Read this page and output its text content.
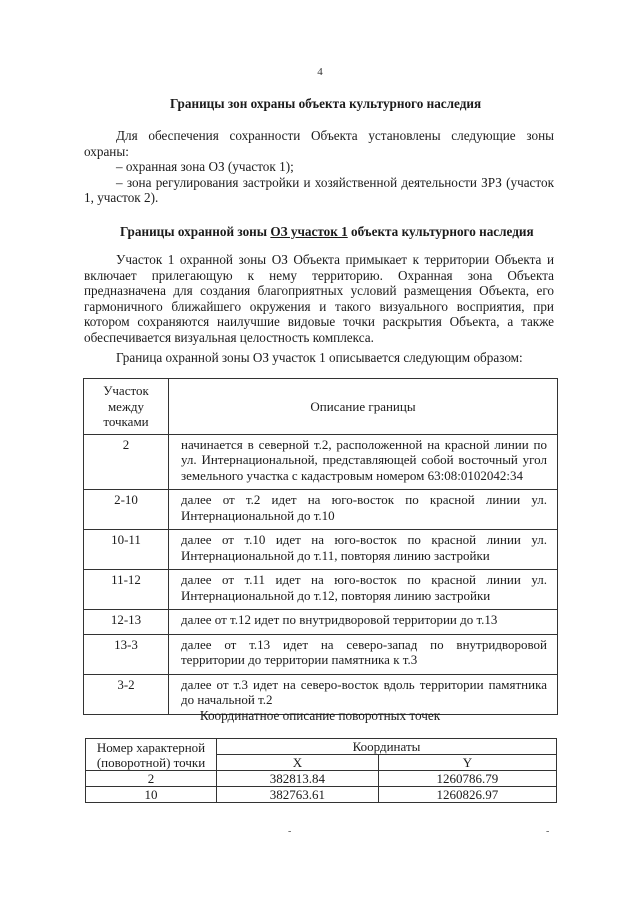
4
Границы зон охраны объекта культурного наследия

Для обеспечения сохранности Объекта установлены следующие зоны охраны:

– охранная зона ОЗ (участок 1);

– зона регулирования застройки и хозяйственной деятельности ЗРЗ (участок 1, участок 2).

Границы охранной зоны ОЗ участок 1 объекта культурного наследия

Участок 1 охранной зоны ОЗ Объекта примыкает к территории Объекта и включает прилегающую к нему территорию. Охранная зона Объекта предназначена для создания благоприятных условий размещения Объекта, его гармоничного ближайшего окружения и такого визуального восприятия, при котором сохраняются наилучшие видовые точки раскрытия Объекта, а также обеспечивается визуальная целостность комплекса.

Граница охранной зоны ОЗ участок 1 описывается следующим образом:
Участок между точками	Описание границы
2	начинается в северной т.2, расположенной на красной линии по ул. Интернациональной, представляющей собой восточный угол земельного участка с кадастровым номером 63:08:0102042:34
2-10	далее от т.2 идет на юго-восток по красной линии ул. Интернациональной до т.10
10-11	далее от т.10 идет на юго-восток по красной линии ул. Интернациональной до т.11, повторяя линию застройки
11-12	далее от т.11 идет на юго-восток по красной линии ул. Интернациональной до т.12, повторяя линию застройки
12-13	далее от т.12 идет по внутридворовой территории до т.13
13-3	далее от т.13 идет на северо-запад по внутридворовой территории до территории памятника к т.3
3-2	далее от т.3 идет на северо-восток вдоль территории памятника до начальной т.2
Координатное описание поворотных точек
Номер характерной (поворотной) точки	Координаты	
	X	Y
2	382813.84	1260786.79
10	382763.61	1260826.97
-	-
